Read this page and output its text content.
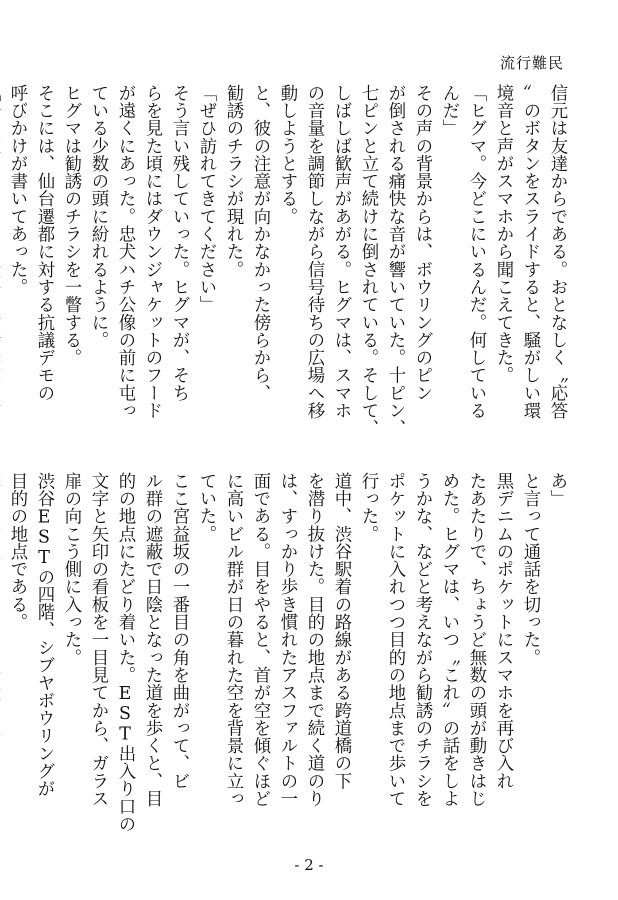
流行難民
信元は友達からである。おとなしく〝応答
〟のボタンをスライドすると、騒がしい環
境音と声がスマホから聞こえてきた。
「ヒグマ。今どこにいるんだ。何している
んだ」
その声の背景からは、ボウリングのピン
が倒される痛快な音が響いていた。十ピン、
七ピンと立て続けに倒されている。そして、
しばしば歓声があがる。ヒグマは、スマホ
の音量を調節しながら信号待ちの広場へ移
動しようとする。
と、彼の注意が向かなかった傍らから、
勧誘のチラシが現れた。
「ぜひ訪れてきてください」
そう言い残していった。ヒグマが、そち
らを見た頃にはダウンジャケットのフード
が遠くにあった。忠犬ハチ公像の前に屯っ
ている少数の頭に紛れるように。
ヒグマは勧誘のチラシを一瞥する。
そこには、仙台遷都に対する抗議デモの
呼びかけが書いてあった。
あ」
と言って通話を切った。
黒デニムのポケットにスマホを再び入れ
たあたりで、ちょうど無数の頭が動きはじ
めた。ヒグマは、いつ〝これ〟の話をしよ
うかな、などと考えながら勧誘のチラシを
ポケットに入れつつ目的の地点まで歩いて
行った。
道中、渋谷駅着の路線がある跨道橋の下
を潜り抜けた。目的の地点まで続く道のり
は、すっかり歩き慣れたアスファルトの一
面である。目をやると、首が空を傾ぐほど
に高いビル群が日の暮れた空を背景に立っ
ていた。
ここ宮益坂の一番目の角を曲がって、ビ
ル群の遮蔽で日陰となった道を歩くと、目
的の地点にたどり着いた。EST出入り口の
文字と矢印の看板を一目見てから、ガラス
扉の向こう側に入った。
渋谷ESTの四階、シブヤボウリングが
目的の地点である。
- 2 -
